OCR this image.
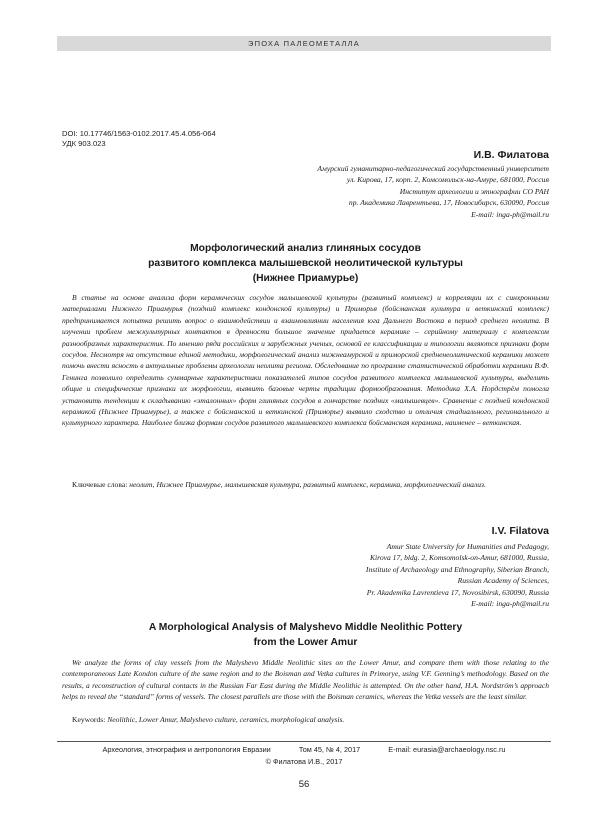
ЭПОХА ПАЛЕОМЕТАЛЛА
DOI: 10.17746/1563-0102.2017.45.4.056-064
УДК 903.023
И.В. Филатова
Амурский гуманитарно-педагогический государственный университет
ул. Кирова, 17, корп. 2, Комсомольск-на-Амуре, 681000, Россия
Институт археологии и этнографии СО РАН
пр. Академика Лаврентьева, 17, Новосибирск, 630090, Россия
E-mail: inga-ph@mail.ru
Морфологический анализ глиняных сосудов
развитого комплекса малышевской неолитической культуры
(Нижнее Приамурье)
В статье на основе анализа форм керамических сосудов малышевской культуры (развитый комплекс) и корреляции их с синхронными материалами Нижнего Приамурья (поздний комплекс кондонской культуры) и Приморья (бойсманская культура и веткинский комплекс) предпринимается попытка решить вопрос о взаимодействии и взаимовлиянии населения юга Дальнего Востока в период среднего неолита. В изучении проблем межкультурных контактов в древности большое значение придается керамике – серийному материалу с комплексом разнообразных характеристик. По мнению ряда российских и зарубежных ученых, основой ее классификации и типологии являются признаки форм сосудов. Несмотря на отсутствие единой методики, морфологический анализ нижнеамурской и приморской средненеолитической керамики может помочь внести ясность в актуальные проблемы археологии неолита региона. Обследование по программе статистической обработки керамики В.Ф. Генинга позволило определить суммарные характеристики показателей типов сосудов развитого комплекса малышевской культуры, выделить общие и специфические признаки их морфологии, выявить базовые черты традиции формообразования. Методика Х.А. Нордстрём помогла установить тенденции к складыванию «эталонных» форм глиняных сосудов в гончарстве поздних «малышевцев». Сравнение с поздней кондонской керамикой (Нижнее Приамурье), а также с бойсманской и веткинской (Приморье) выявило сходство и отличия стадиального, регионального и культурного характера. Наиболее близка формам сосудов развитого малышевского комплекса бойсманская керамика, наименее – веткинская.
Ключевые слова: неолит, Нижнее Приамурье, малышевская культура, развитый комплекс, керамика, морфологический анализ.
I.V. Filatova
Amur State University for Humanities and Pedagogy,
Kirova 17, bldg. 2, Komsomolsk-on-Amur, 681000, Russia,
Institute of Archaeology and Ethnography, Siberian Branch,
Russian Academy of Sciences,
Pr. Akademika Lavrentieva 17, Novosibirsk, 630090, Russia
E-mail: inga-ph@mail.ru
A Morphological Analysis of Malyshevo Middle Neolithic Pottery
from the Lower Amur
We analyze the forms of clay vessels from the Malyshevo Middle Neolithic sites on the Lower Amur, and compare them with those relating to the contemporaneous Late Kondon culture of the same region and to the Boisman and Vetka cultures in Primorye, using V.F. Genning’s methodology. Based on the results, a reconstruction of cultural contacts in the Russian Far East during the Middle Neolithic is attempted. On the other hand, H.A. Nordström’s approach helps to reveal the “standard” forms of vessels. The closest parallels are those with the Boisman ceramics, whereas the Vetka vessels are the least similar.
Keywords: Neolithic, Lower Amur, Malyshevo culture, ceramics, morphological analysis.
Археология, этнография и антропология Евразии	Том 45, № 4, 2017	E-mail: eurasia@archaeology.nsc.ru
© Филатова И.В., 2017
56
